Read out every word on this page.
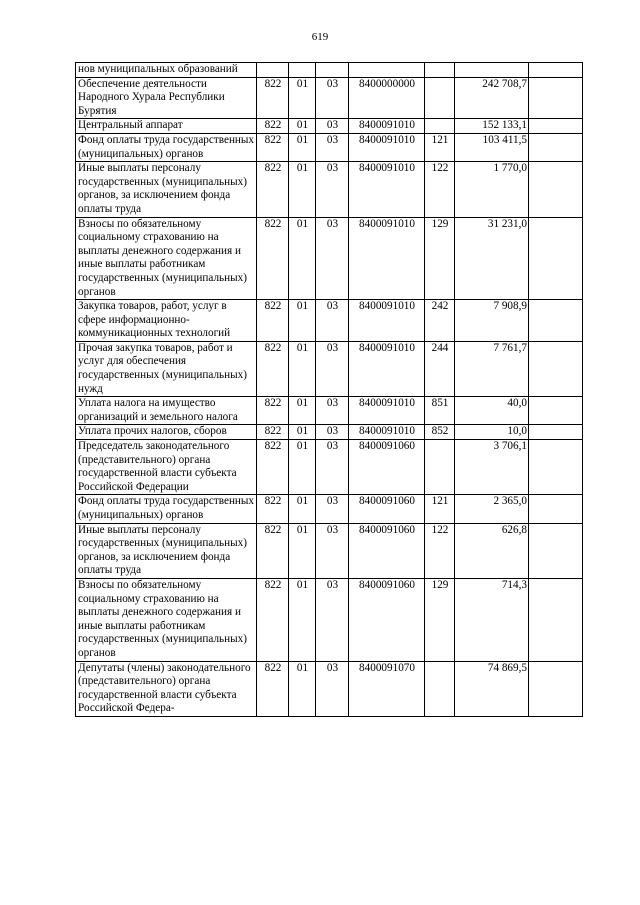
619
нов муниципальных образований							
Обеспечение деятельности Народного Хурала Республики Бурятия	822	01	03	8400000000		242 708,7	
Центральный аппарат	822	01	03	8400091010		152 133,1	
Фонд оплаты труда государственных (муниципальных) органов	822	01	03	8400091010	121	103 411,5	
Иные выплаты персоналу государственных (муниципальных) органов, за исключением фонда оплаты труда	822	01	03	8400091010	122	1 770,0	
Взносы по обязательному социальному страхованию на выплаты денежного содержания и иные выплаты работникам государственных (муниципальных) органов	822	01	03	8400091010	129	31 231,0	
Закупка товаров, работ, услуг в сфере информационно-коммуникационных технологий	822	01	03	8400091010	242	7 908,9	
Прочая закупка товаров, работ и услуг для обеспечения государственных (муниципальных) нужд	822	01	03	8400091010	244	7 761,7	
Уплата налога на имущество организаций и земельного налога	822	01	03	8400091010	851	40,0	
Уплата прочих налогов, сборов	822	01	03	8400091010	852	10,0	
Председатель законодательного (представительного) органа государственной власти субъекта Российской Федерации	822	01	03	8400091060		3 706,1	
Фонд оплаты труда государственных (муниципальных) органов	822	01	03	8400091060	121	2 365,0	
Иные выплаты персоналу государственных (муниципальных) органов, за исключением фонда оплаты труда	822	01	03	8400091060	122	626,8	
Взносы по обязательному социальному страхованию на выплаты денежного содержания и иные выплаты работникам государственных (муниципальных) органов	822	01	03	8400091060	129	714,3	
Депутаты (члены) законодательного (представительного) органа государственной власти субъекта Российской Федера-	822	01	03	8400091070		74 869,5	
